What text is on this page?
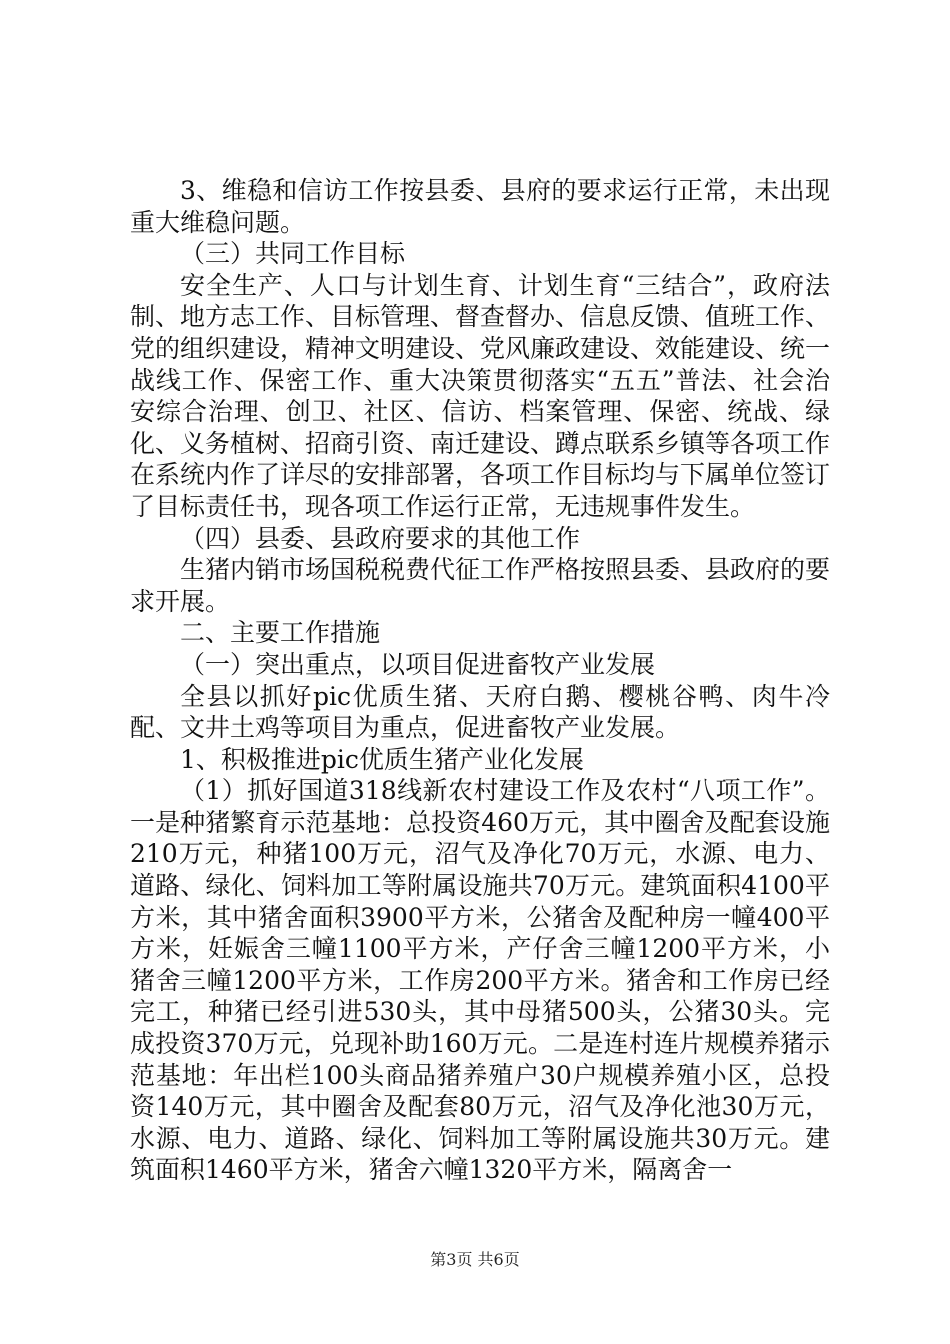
3、维稳和信访工作按县委、县府的要求运行正常，未出现重大维稳问题。

（三）共同工作目标

安全生产、人口与计划生育、计划生育“三结合”，政府法制、地方志工作、目标管理、督查督办、信息反馈、值班工作、党的组织建设，精神文明建设、党风廉政建设、效能建设、统一战线工作、保密工作、重大决策贯彻落实“五五”普法、社会治安综合治理、创卫、社区、信访、档案管理、保密、统战、绿化、义务植树、招商引资、南迁建设、蹲点联系乡镇等各项工作在系统内作了详尽的安排部署，各项工作目标均与下属单位签订了目标责任书，现各项工作运行正常，无违规事件发生。

（四）县委、县政府要求的其他工作

生猪内销市场国税税费代征工作严格按照县委、县政府的要求开展。

二、主要工作措施

（一）突出重点，以项目促进畜牧产业发展

全县以抓好pic优质生猪、天府白鹅、樱桃谷鸭、肉牛冷配、文井土鸡等项目为重点，促进畜牧产业发展。

1、积极推进pic优质生猪产业化发展

（1）抓好国道318线新农村建设工作及农村“八项工作”。一是种猪繁育示范基地：总投资460万元，其中圈舍及配套设施210万元，种猪100万元，沼气及净化70万元，水源、电力、道路、绿化、饲料加工等附属设施共70万元。建筑面积4100平方米，其中猪舍面积3900平方米，公猪舍及配种房一幢400平方米，妊娠舍三幢1100平方米，产仔舍三幢1200平方米，小猪舍三幢1200平方米，工作房200平方米。猪舍和工作房已经完工，种猪已经引进530头，其中母猪500头，公猪30头。完成投资370万元，兑现补助160万元。二是连村连片规模养猪示范基地：年出栏100头商品猪养殖户30户规模养殖小区，总投资140万元，其中圈舍及配套80万元，沼气及净化池30万元，水源、电力、道路、绿化、饲料加工等附属设施共30万元。建筑面积1460平方米，猪舍六幢1320平方米，隔离舍一

第3页 共6页
